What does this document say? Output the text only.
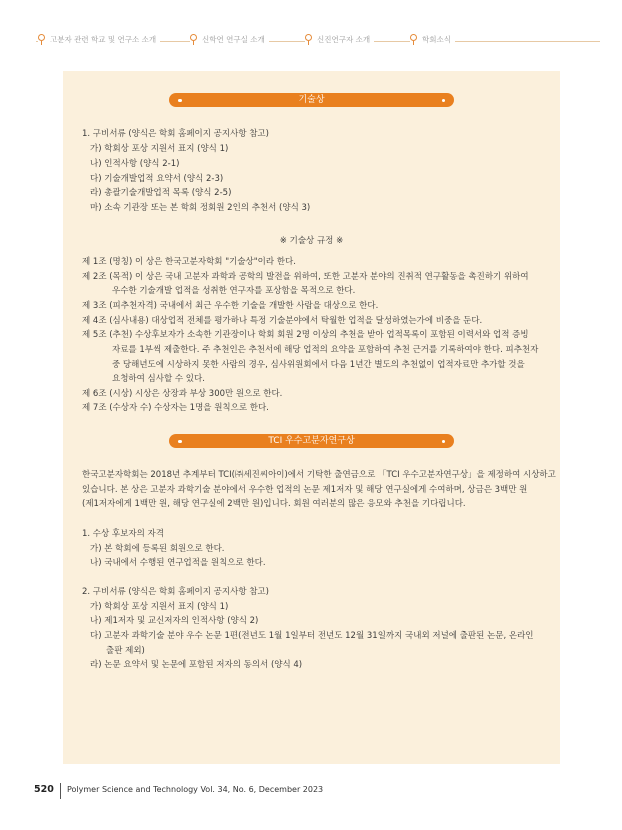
고분자 관련 학교 및 연구소 소개	신학연 연구실 소개	신진연구자 소개	학회소식
기술상
1. 구비서류 (양식은 학회 홈페이지 공지사항 참고)
가) 학회상 포상 지원서 표지 (양식 1)
나) 인적사항 (양식 2-1)
다) 기술개발업적 요약서 (양식 2-3)
라) 총괄기술개발업적 목록 (양식 2-5)
마) 소속 기관장 또는 본 학회 정회원 2인의 추천서 (양식 3)
※ 기술상 규정 ※
제 1조 (명칭) 이 상은 한국고분자학회 "기술상"이라 한다.
제 2조 (목적) 이 상은 국내 고분자 과학과 공학의 발전을 위하여, 또한 고분자 분야의 진취적 연구활동을 촉진하기 위하여
우수한 기술개발 업적을 성취한 연구자를 포상함을 목적으로 한다.
제 3조 (피추천자격) 국내에서 최근 우수한 기술을 개발한 사람을 대상으로 한다.
제 4조 (심사내용) 대상업적 전체를 평가하나 특정 기술분야에서 탁월한 업적을 달성하였는가에 비중을 둔다.
제 5조 (추천) 수상후보자가 소속한 기관장이나 학회 회원 2명 이상의 추천을 받아 업적목록이 포함된 이력서와 업적 증빙
자료를 1부씩 제출한다. 주 추천인은 추천서에 해당 업적의 요약을 포함하여 추천 근거를 기록하여야 한다. 피추천자
중 당해년도에 시상하지 못한 사람의 경우, 심사위원회에서 다음 1년간 별도의 추천없이 업적자료만 추가할 것을
요청하여 심사할 수 있다.
제 6조 (시상) 시상은 상장과 부상 300만 원으로 한다.
제 7조 (수상자 수) 수상자는 1명을 원칙으로 한다.
TCI 우수고분자연구상
한국고분자학회는 2018년 추계부터 TCI(㈜세진씨아이)에서 기탁한 출연금으로 「TCI 우수고분자연구상」을 제정하여 시상하고
있습니다. 본 상은 고분자 과학기술 분야에서 우수한 업적의 논문 제1저자 및 해당 연구실에게 수여하며, 상금은 3백만 원
(제1저자에게 1백만 원, 해당 연구실에 2백만 원)입니다. 회원 여러분의 많은 응모와 추천을 기다립니다.
1. 수상 후보자의 자격
가) 본 학회에 등록된 회원으로 한다.
나) 국내에서 수행된 연구업적을 원칙으로 한다.
2. 구비서류 (양식은 학회 홈페이지 공지사항 참고)
가) 학회상 포상 지원서 표지 (양식 1)
나) 제1저자 및 교신저자의 인적사항 (양식 2)
다) 고분자 과학기술 분야 우수 논문 1편(전년도 1월 1일부터 전년도 12월 31일까지 국내외 저널에 출판된 논문, 온라인
출판 제외)
라) 논문 요약서 및 논문에 포함된 저자의 동의서 (양식 4)
520 Polymer Science and Technology Vol. 34, No. 6, December 2023
